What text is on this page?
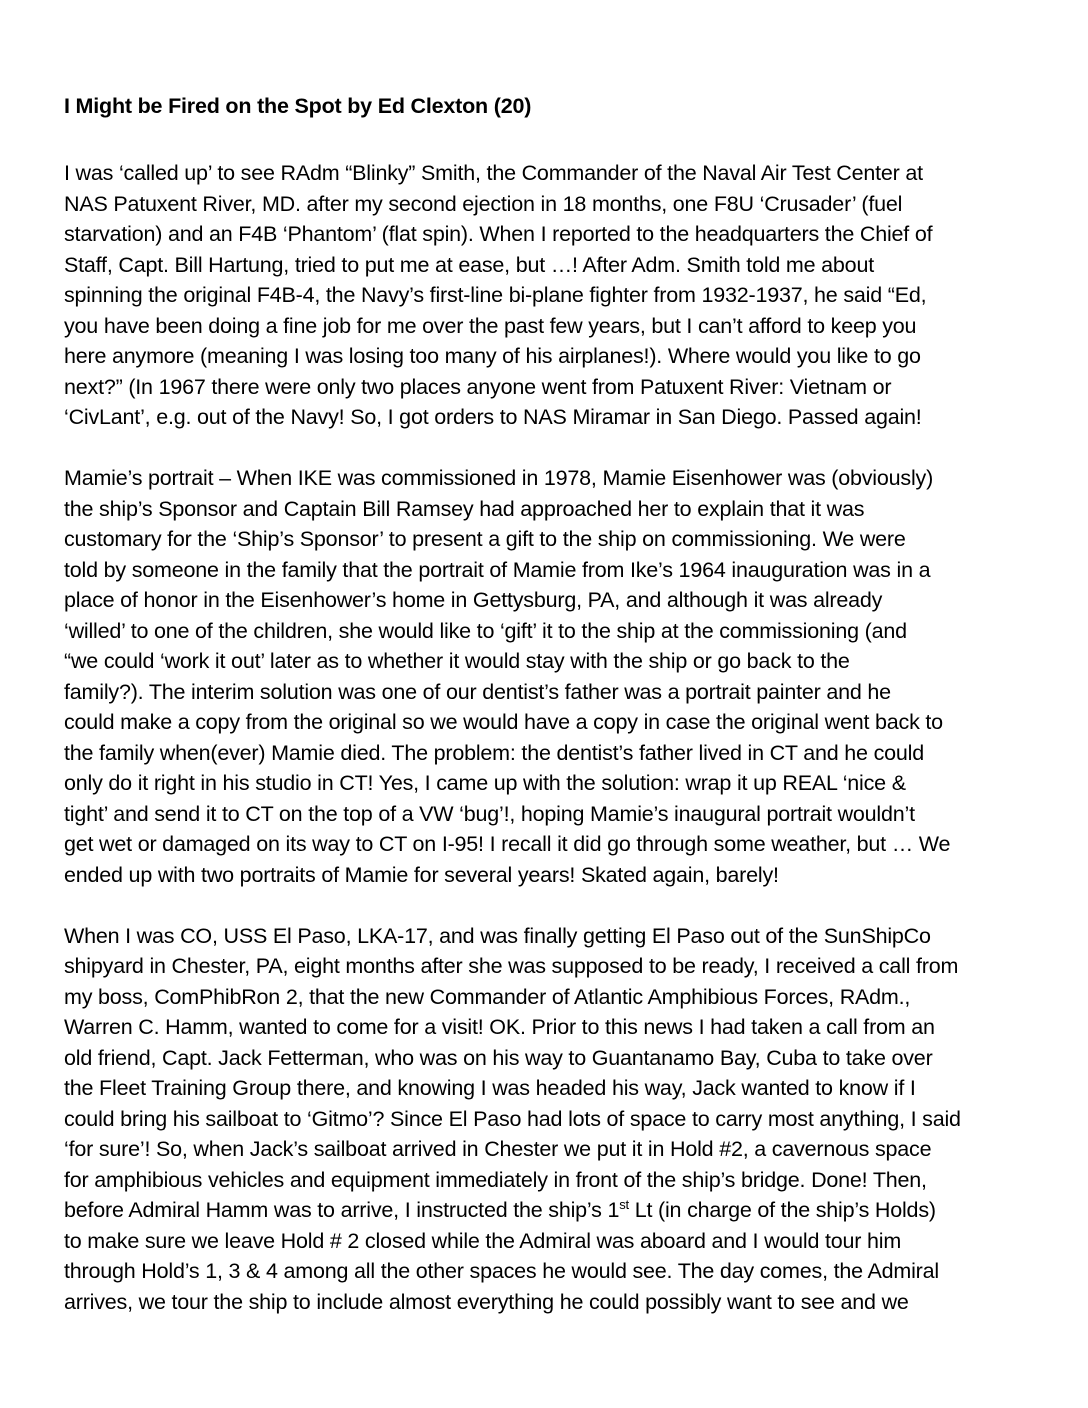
I Might be Fired on the Spot by Ed Clexton (20)
I was ‘called up’ to see RAdm “Blinky” Smith, the Commander of the Naval Air Test Center at
NAS Patuxent River, MD. after my second ejection in 18 months, one F8U ‘Crusader’ (fuel
starvation) and an F4B ‘Phantom’ (flat spin). When I reported to the headquarters the Chief of
Staff, Capt. Bill Hartung, tried to put me at ease, but …! After Adm. Smith told me about
spinning the original F4B-4, the Navy’s first-line bi-plane fighter from 1932-1937, he said “Ed,
you have been doing a fine job for me over the past few years, but I can’t afford to keep you
here anymore (meaning I was losing too many of his airplanes!). Where would you like to go
next?” (In 1967 there were only two places anyone went from Patuxent River: Vietnam or
‘CivLant’, e.g. out of the Navy! So, I got orders to NAS Miramar in San Diego. Passed again!
Mamie’s portrait – When IKE was commissioned in 1978, Mamie Eisenhower was (obviously)
the ship’s Sponsor and Captain Bill Ramsey had approached her to explain that it was
customary for the ‘Ship’s Sponsor’ to present a gift to the ship on commissioning. We were
told by someone in the family that the portrait of Mamie from Ike’s 1964 inauguration was in a
place of honor in the Eisenhower’s home in Gettysburg, PA, and although it was already
‘willed’ to one of the children, she would like to ‘gift’ it to the ship at the commissioning (and
“we could ‘work it out’ later as to whether it would stay with the ship or go back to the
family?). The interim solution was one of our dentist’s father was a portrait painter and he
could make a copy from the original so we would have a copy in case the original went back to
the family when(ever) Mamie died. The problem: the dentist’s father lived in CT and he could
only do it right in his studio in CT! Yes, I came up with the solution: wrap it up REAL ‘nice &
tight’ and send it to CT on the top of a VW ‘bug’!, hoping Mamie’s inaugural portrait wouldn’t
get wet or damaged on its way to CT on I-95! I recall it did go through some weather, but … We
ended up with two portraits of Mamie for several years! Skated again, barely!
When I was CO, USS El Paso, LKA-17, and was finally getting El Paso out of the SunShipCo
shipyard in Chester, PA, eight months after she was supposed to be ready, I received a call from
my boss, ComPhibRon 2, that the new Commander of Atlantic Amphibious Forces, RAdm.,
Warren C. Hamm, wanted to come for a visit! OK. Prior to this news I had taken a call from an
old friend, Capt. Jack Fetterman, who was on his way to Guantanamo Bay, Cuba to take over
the Fleet Training Group there, and knowing I was headed his way, Jack wanted to know if I
could bring his sailboat to ‘Gitmo’? Since El Paso had lots of space to carry most anything, I said
‘for sure’! So, when Jack’s sailboat arrived in Chester we put it in Hold #2, a cavernous space
for amphibious vehicles and equipment immediately in front of the ship’s bridge. Done! Then,
before Admiral Hamm was to arrive, I instructed the ship’s 1st Lt (in charge of the ship’s Holds)
to make sure we leave Hold # 2 closed while the Admiral was aboard and I would tour him
through Hold’s 1, 3 & 4 among all the other spaces he would see. The day comes, the Admiral
arrives, we tour the ship to include almost everything he could possibly want to see and we
